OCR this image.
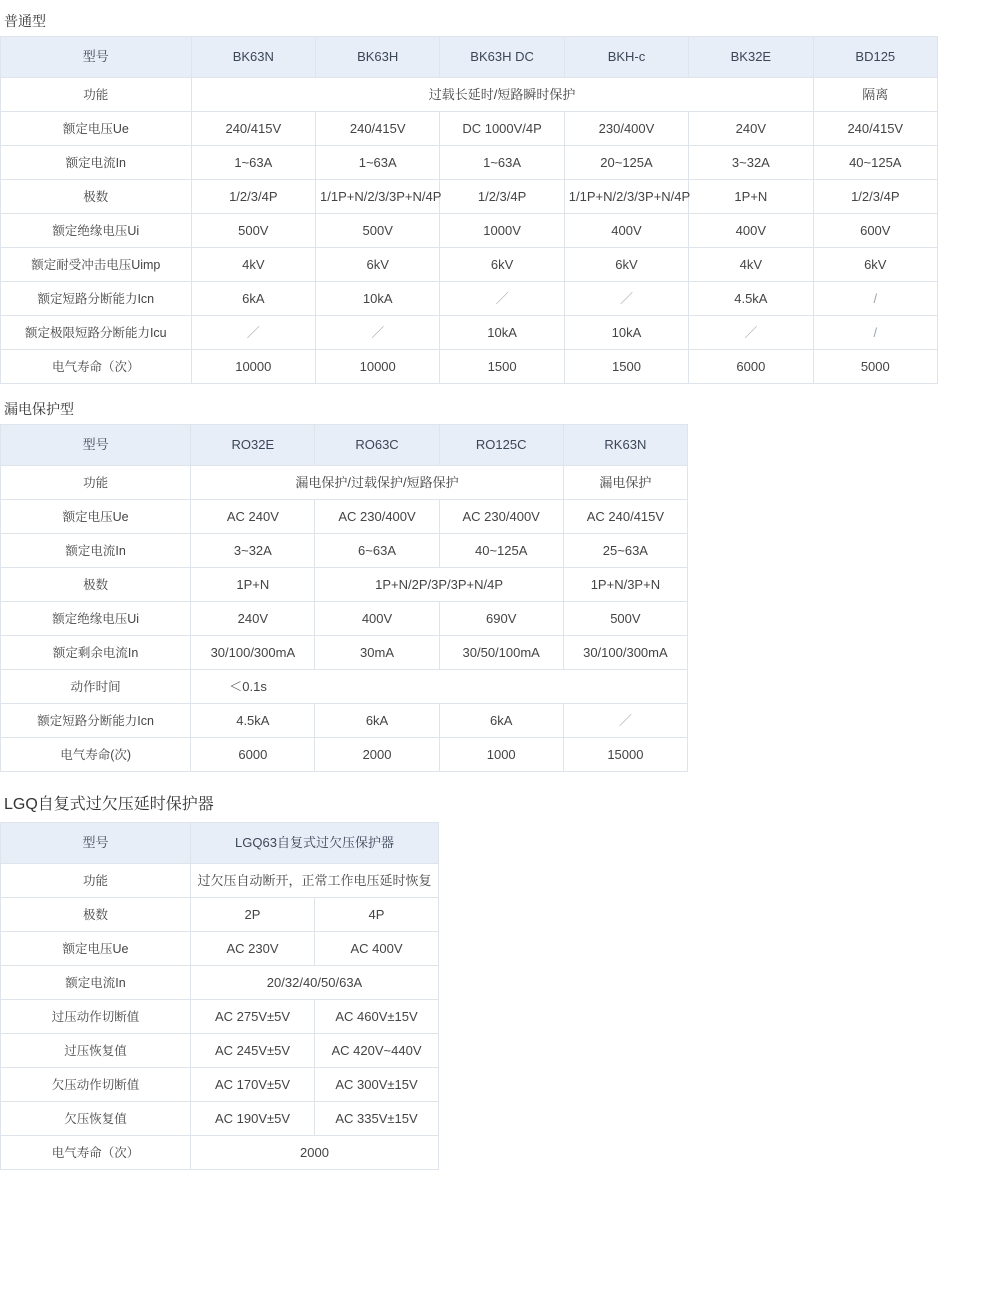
普通型
型号	BK63N	BK63H	BK63H DC	BKH-c	BK32E	BD125
功能	过载长延时/短路瞬时保护					隔离
额定电压Ue	240/415V	240/415V	DC 1000V/4P	230/400V	240V	240/415V
额定电流In	1~63A	1~63A	1~63A	20~125A	3~32A	40~125A
极数	1/2/3/4P	1/1P+N/2/3/3P+N/4P	1/2/3/4P	1/1P+N/2/3/3P+N/4P	1P+N	1/2/3/4P
额定绝缘电压Ui	500V	500V	1000V	400V	400V	600V
额定耐受冲击电压Uimp	4kV	6kV	6kV	6kV	4kV	6kV
额定短路分断能力Icn	6kA	10kA	／	／	4.5kA	/
额定极限短路分断能力Icu	／	／	10kA	10kA	／	/
电气寿命（次）	10000	10000	1500	1500	6000	5000
漏电保护型
型号	RO32E	RO63C	RO125C	RK63N
功能	漏电保护/过载保护/短路保护			漏电保护
额定电压Ue	AC 240V	AC 230/400V	AC 230/400V	AC 240/415V
额定电流In	3~32A	6~63A	40~125A	25~63A
极数	1P+N	1P+N/2P/3P/3P+N/4P		1P+N/3P+N
额定绝缘电压Ui	240V	400V	690V	500V
额定剩余电流In	30/100/300mA	30mA	30/50/100mA	30/100/300mA
动作时间	＜0.1s			
额定短路分断能力Icn	4.5kA	6kA	6kA	／
电气寿命(次)	6000	2000	1000	15000
LGQ自复式过欠压延时保护器
型号	LGQ63自复式过欠压保护器	
功能	过欠压自动断开，正常工作电压延时恢复	
极数	2P	4P
额定电压Ue	AC 230V	AC 400V
额定电流In	20/32/40/50/63A	
过压动作切断值	AC 275V±5V	AC 460V±15V
过压恢复值	AC 245V±5V	AC 420V~440V
欠压动作切断值	AC 170V±5V	AC 300V±15V
欠压恢复值	AC 190V±5V	AC 335V±15V
电气寿命（次）	2000	
